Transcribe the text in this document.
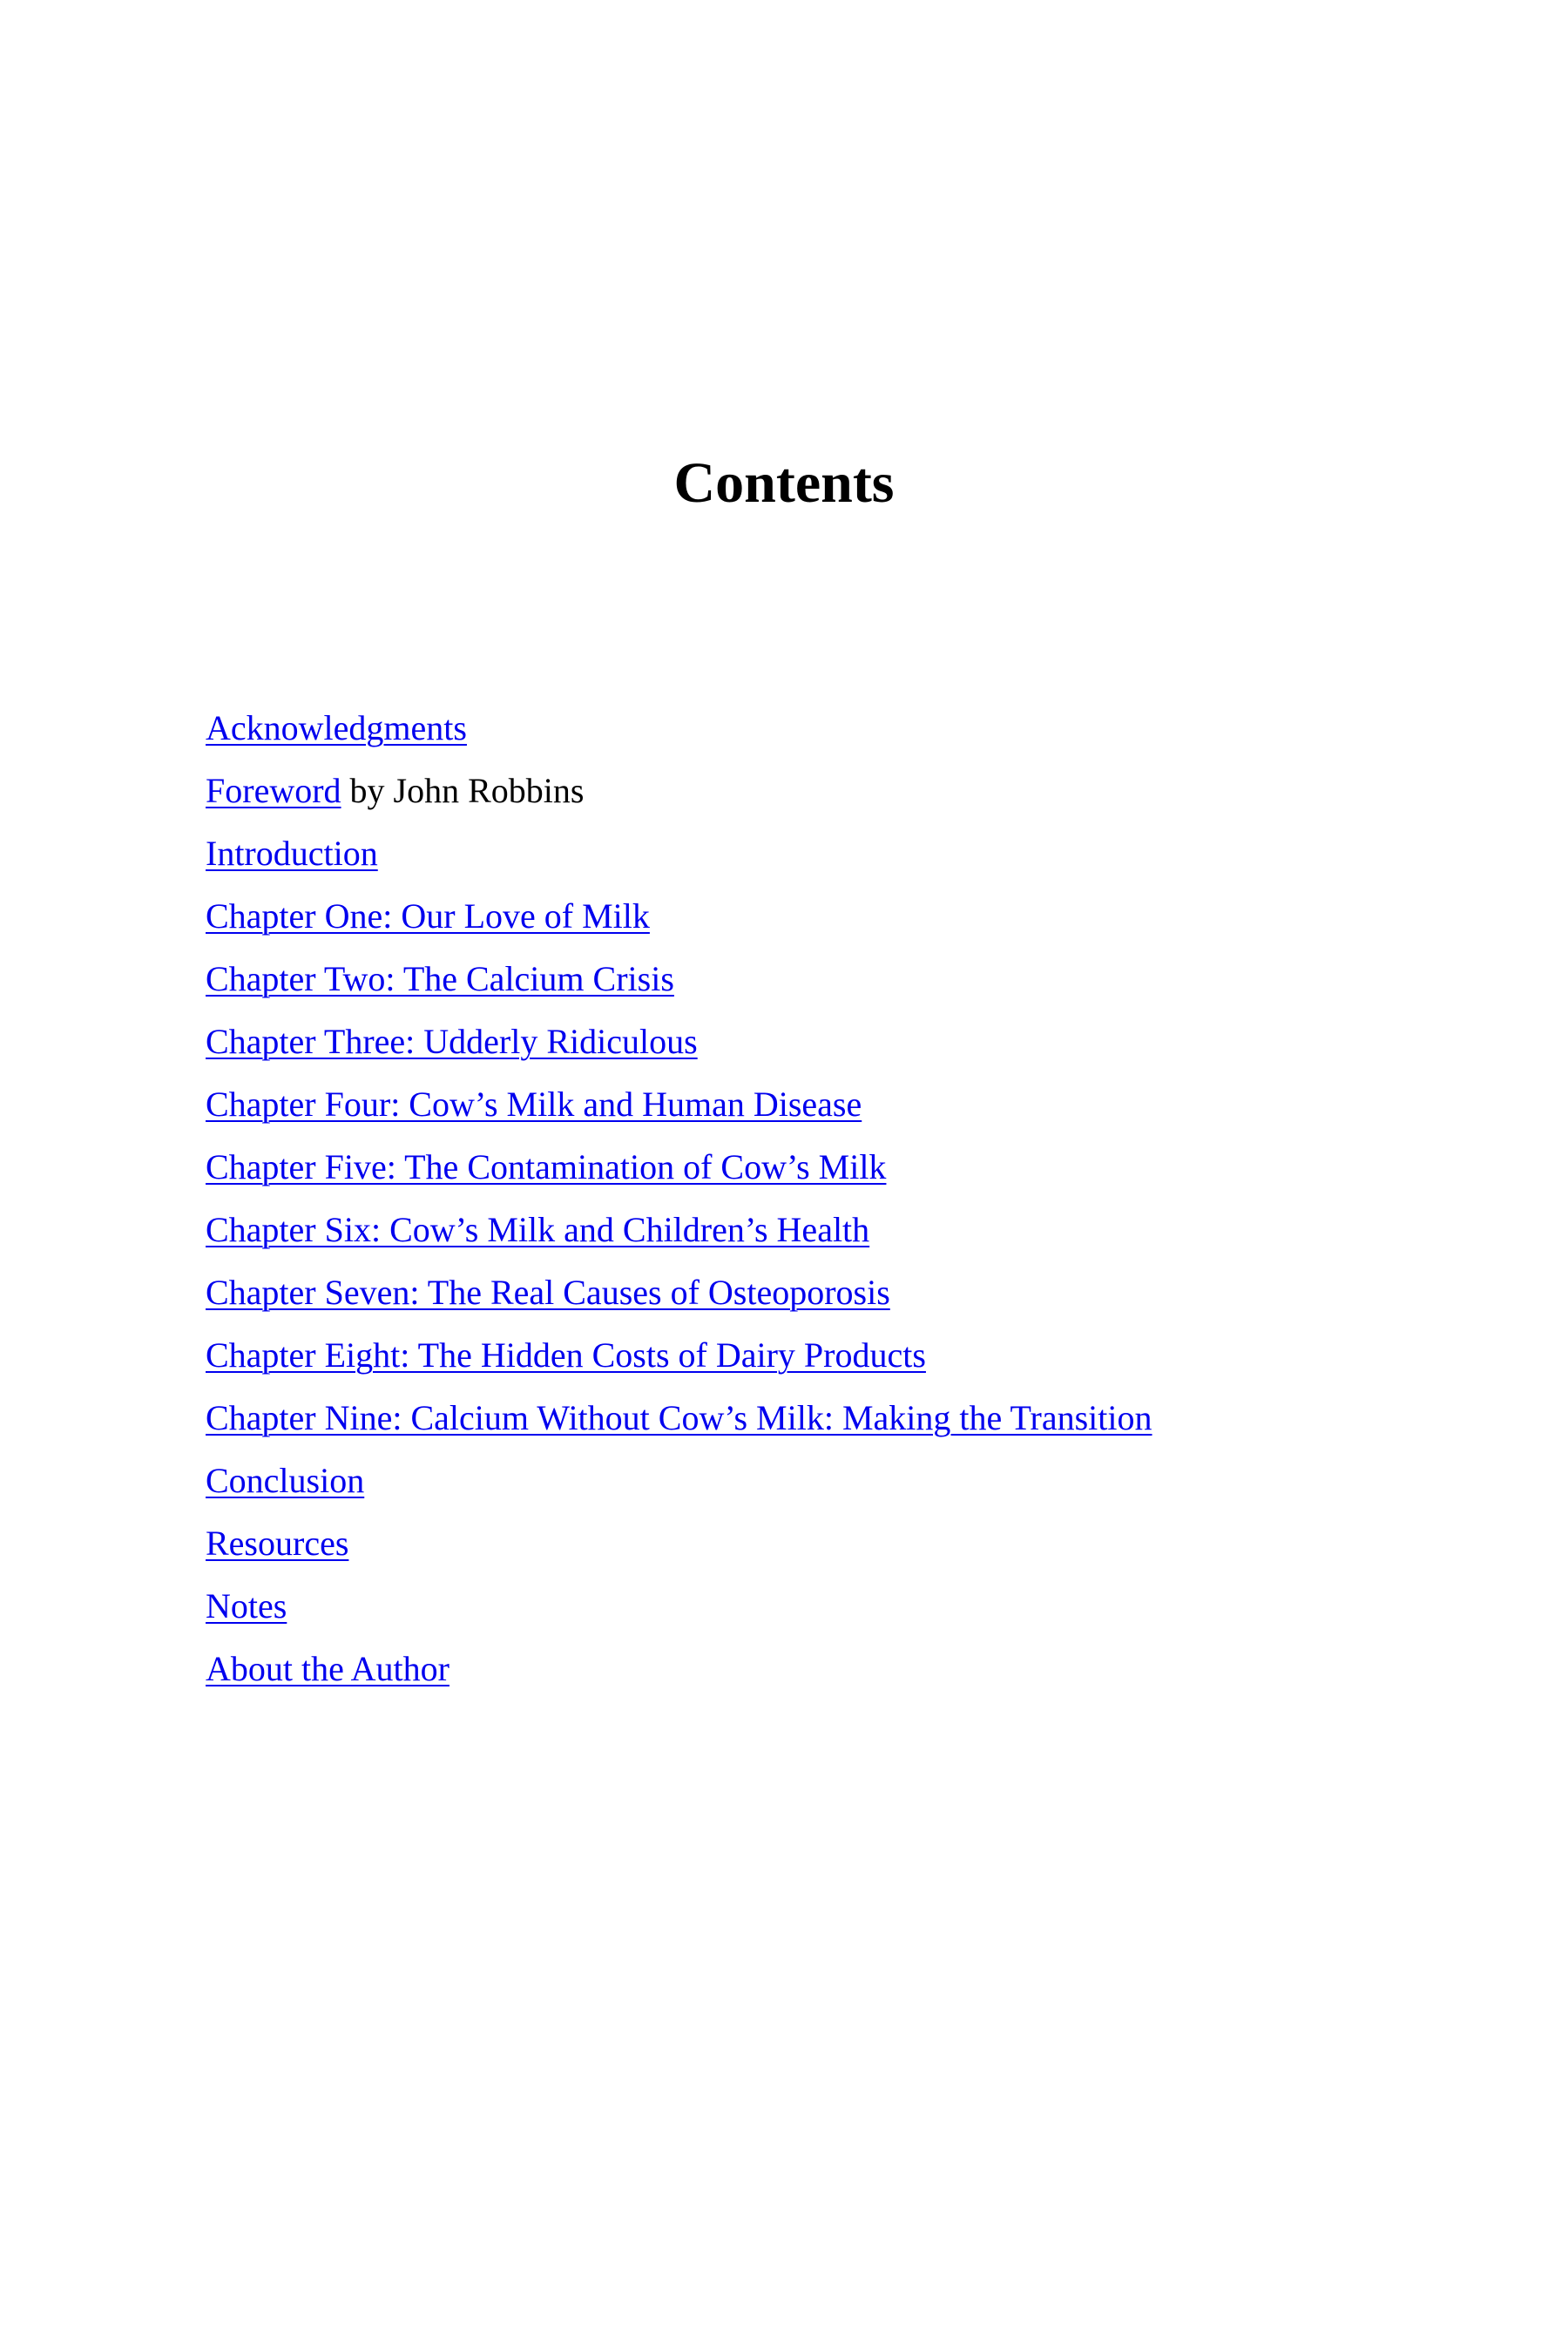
Contents
Acknowledgments
Foreword by John Robbins
Introduction
Chapter One: Our Love of Milk
Chapter Two: The Calcium Crisis
Chapter Three: Udderly Ridiculous
Chapter Four: Cow’s Milk and Human Disease
Chapter Five: The Contamination of Cow’s Milk
Chapter Six: Cow’s Milk and Children’s Health
Chapter Seven: The Real Causes of Osteoporosis
Chapter Eight: The Hidden Costs of Dairy Products
Chapter Nine: Calcium Without Cow’s Milk: Making the Transition
Conclusion
Resources
Notes
About the Author
